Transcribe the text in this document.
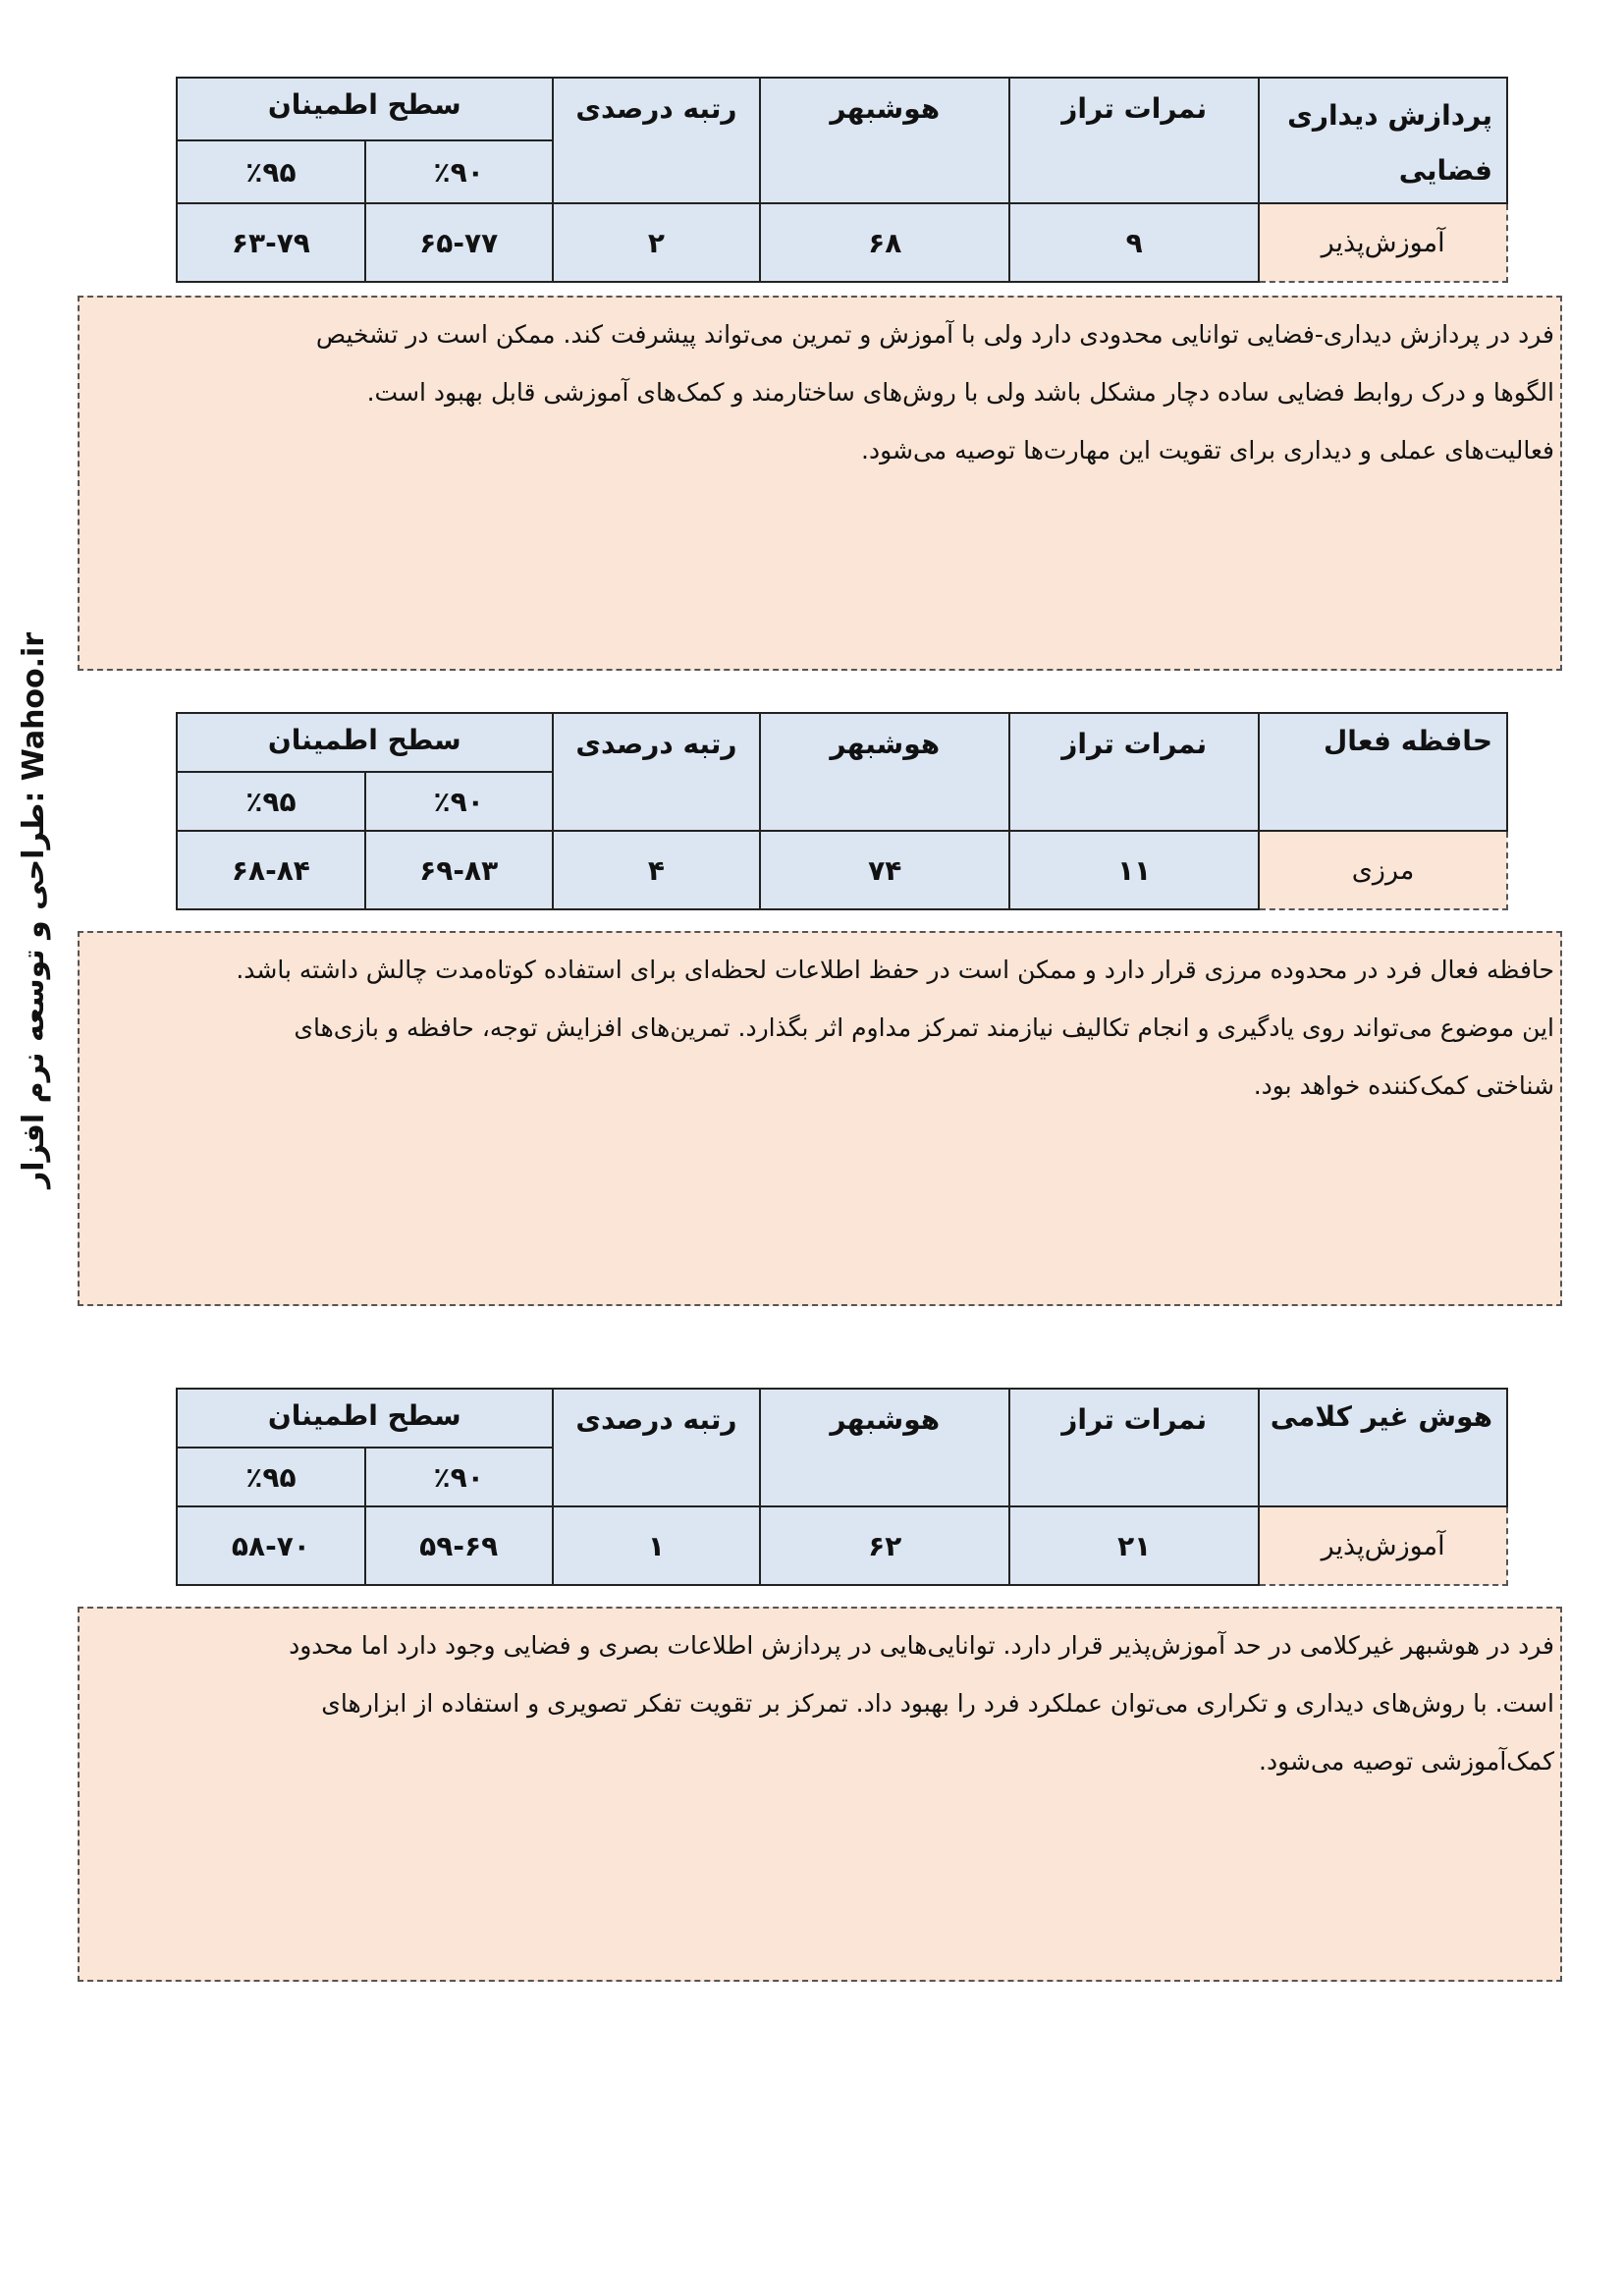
طراحی و توسعه نرم افزار: Wahoo.ir
پردازش دیداری
فضایی	نمرات تراز	هوشبهر	رتبه درصدی	سطح اطمینان	
				٪۹۰	٪۹۵
آموزش‌پذیر	۹	۶۸	۲	۶۵-۷۷	۶۳-۷۹
فرد در پردازش دیداری-فضایی توانایی محدودی دارد ولی با آموزش و تمرین می‌تواند پیشرفت کند. ممکن است در تشخیص
الگوها و درک روابط فضایی ساده دچار مشکل باشد ولی با روش‌های ساختارمند و کمک‌های آموزشی قابل بهبود است.
فعالیت‌های عملی و دیداری برای تقویت این مهارت‌ها توصیه می‌شود.
حافظه فعال	نمرات تراز	هوشبهر	رتبه درصدی	سطح اطمینان	
				٪۹۰	٪۹۵
مرزی	۱۱	۷۴	۴	۶۹-۸۳	۶۸-۸۴
حافظه فعال فرد در محدوده مرزی قرار دارد و ممکن است در حفظ اطلاعات لحظه‌ای برای استفاده کوتاه‌مدت چالش داشته باشد.
این موضوع می‌تواند روی یادگیری و انجام تکالیف نیازمند تمرکز مداوم اثر بگذارد. تمرین‌های افزایش توجه، حافظه و بازی‌های
شناختی کمک‌کننده خواهد بود.
هوش غیر کلامی	نمرات تراز	هوشبهر	رتبه درصدی	سطح اطمینان	
				٪۹۰	٪۹۵
آموزش‌پذیر	۲۱	۶۲	۱	۵۹-۶۹	۵۸-۷۰
فرد در هوشبهر غیرکلامی در حد آموزش‌پذیر قرار دارد. توانایی‌هایی در پردازش اطلاعات بصری و فضایی وجود دارد اما محدود
است. با روش‌های دیداری و تکراری می‌توان عملکرد فرد را بهبود داد. تمرکز بر تقویت تفکر تصویری و استفاده از ابزارهای
کمک‌آموزشی توصیه می‌شود.
